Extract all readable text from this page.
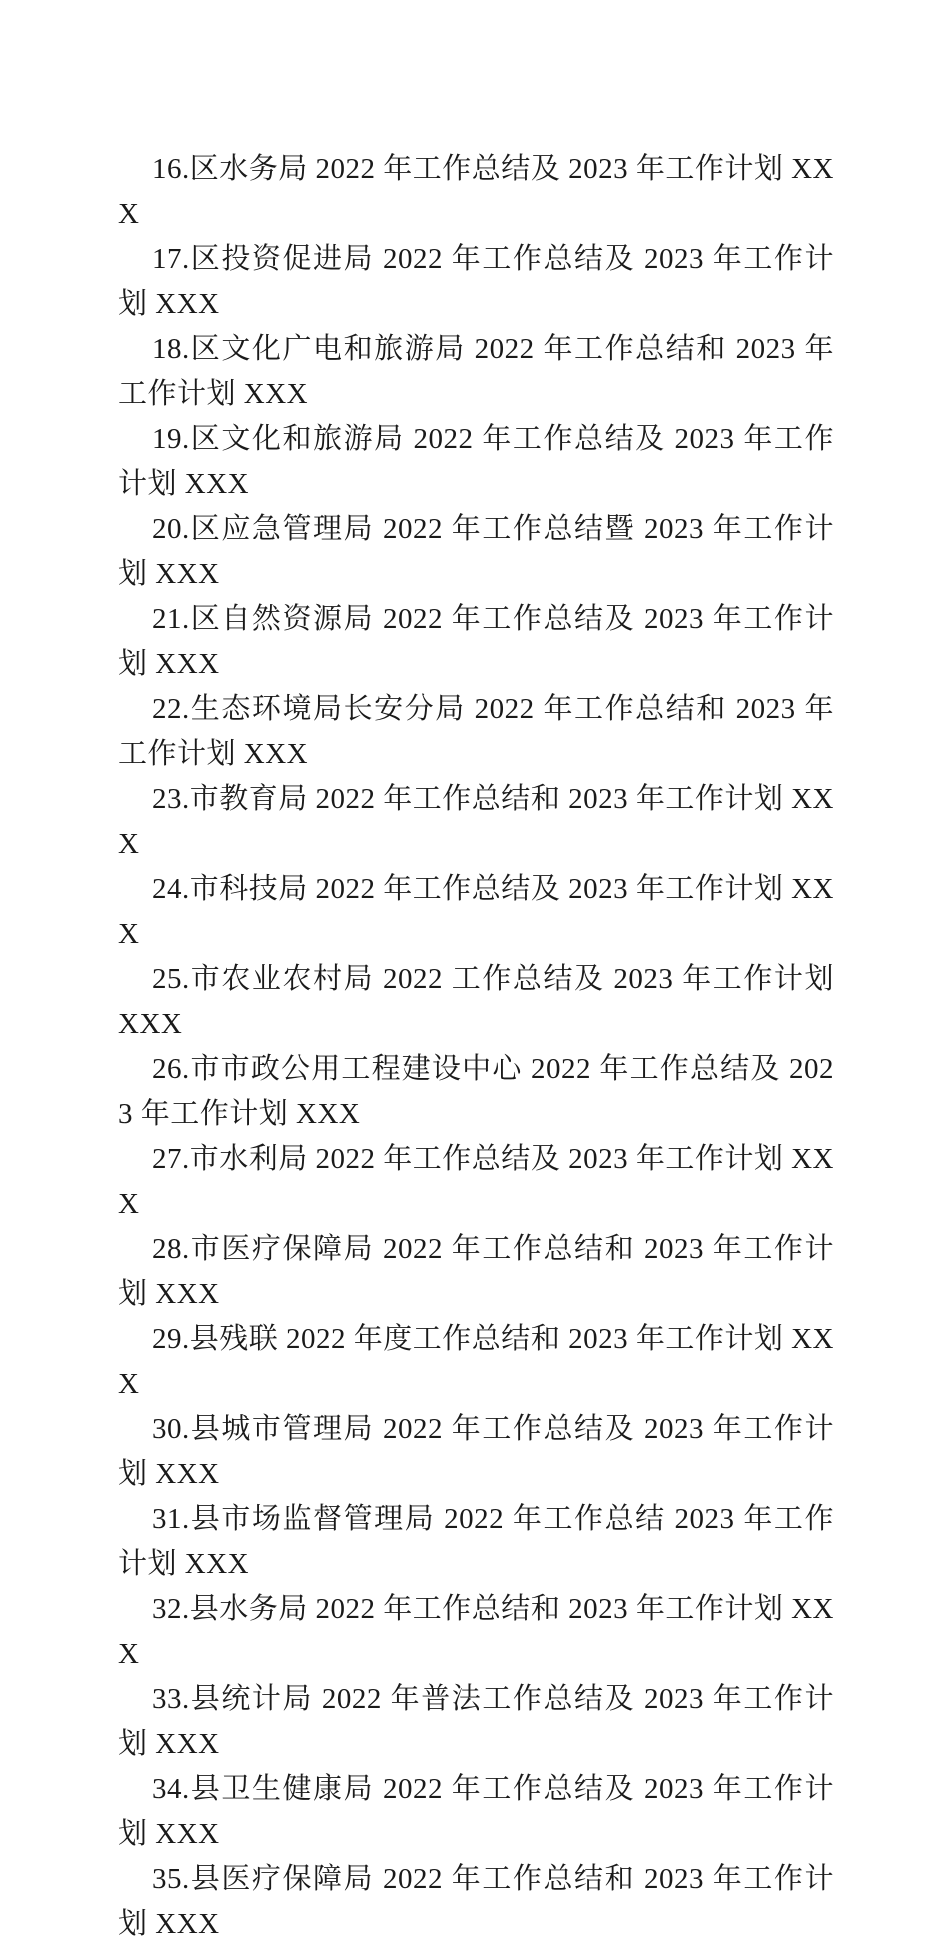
16.区水务局 2022 年工作总结及 2023 年工作计划 XXX

17.区投资促进局 2022 年工作总结及 2023 年工作计划 XXX

18.区文化广电和旅游局 2022 年工作总结和 2023 年工作计划 XXX

19.区文化和旅游局 2022 年工作总结及 2023 年工作计划 XXX

20.区应急管理局 2022 年工作总结暨 2023 年工作计划 XXX

21.区自然资源局 2022 年工作总结及 2023 年工作计划 XXX

22.生态环境局长安分局 2022 年工作总结和 2023 年工作计划 XXX

23.市教育局 2022 年工作总结和 2023 年工作计划 XXX

24.市科技局 2022 年工作总结及 2023 年工作计划 XXX

25.市农业农村局 2022 工作总结及 2023 年工作计划 XXX

26.市市政公用工程建设中心 2022 年工作总结及 2023 年工作计划 XXX

27.市水利局 2022 年工作总结及 2023 年工作计划 XXX

28.市医疗保障局 2022 年工作总结和 2023 年工作计划 XXX

29.县残联 2022 年度工作总结和 2023 年工作计划 XXX

30.县城市管理局 2022 年工作总结及 2023 年工作计划 XXX

31.县市场监督管理局 2022 年工作总结 2023 年工作计划 XXX

32.县水务局 2022 年工作总结和 2023 年工作计划 XXX

33.县统计局 2022 年普法工作总结及 2023 年工作计划 XXX

34.县卫生健康局 2022 年工作总结及 2023 年工作计划 XXX

35.县医疗保障局 2022 年工作总结和 2023 年工作计划 XXX
